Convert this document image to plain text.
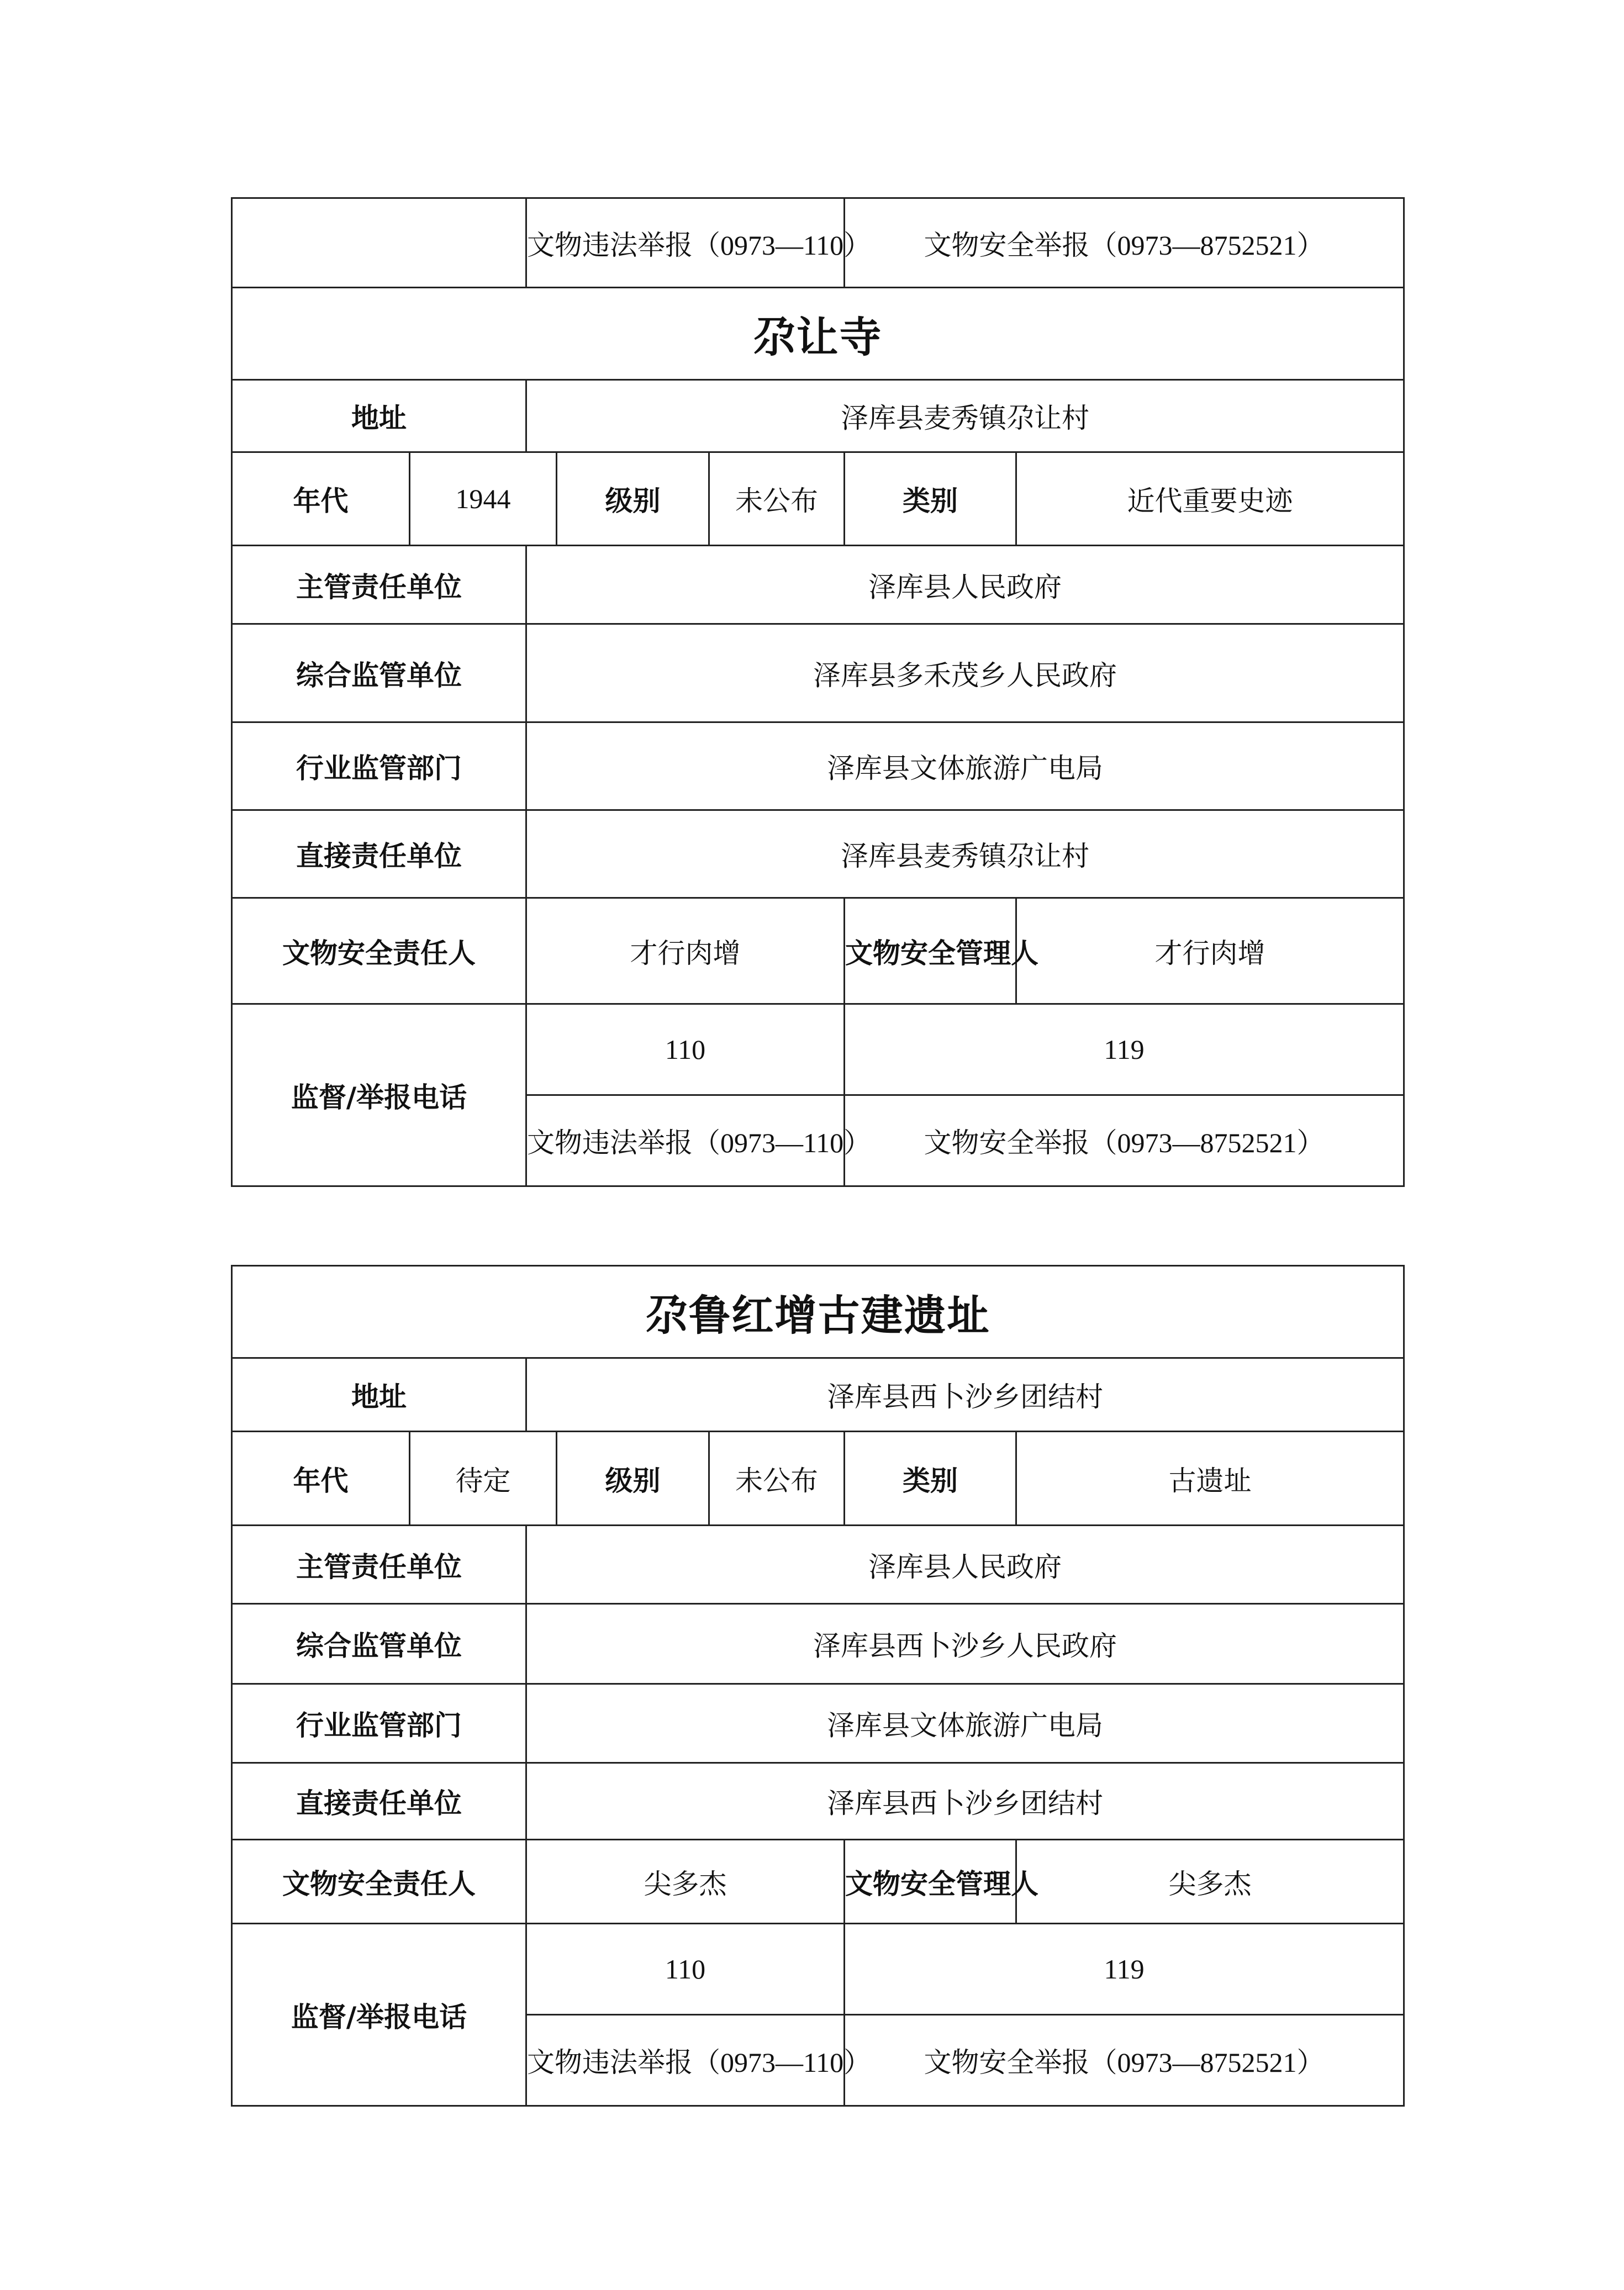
		文物违法举报（0973—110）			文物安全举报（0973—8752521）	
尕让寺						
地址		泽库县麦秀镇尕让村				
年代	1944		级别	未公布	类别	近代重要史迹
主管责任单位		泽库县人民政府				
综合监管单位		泽库县多禾茂乡人民政府				
行业监管部门		泽库县文体旅游广电局				
直接责任单位		泽库县麦秀镇尕让村				
文物安全责任人		才行肉增			文物安全管理人	才行肉增
监督/举报电话		110			119	
		文物违法举报（0973—110）			文物安全举报（0973—8752521）	
尕鲁红增古建遗址						
地址		泽库县西卜沙乡团结村				
年代	待定		级别	未公布	类别	古遗址
主管责任单位		泽库县人民政府				
综合监管单位		泽库县西卜沙乡人民政府				
行业监管部门		泽库县文体旅游广电局				
直接责任单位		泽库县西卜沙乡团结村				
文物安全责任人		尖多杰			文物安全管理人	尖多杰
监督/举报电话		110			119	
		文物违法举报（0973—110）			文物安全举报（0973—8752521）	
